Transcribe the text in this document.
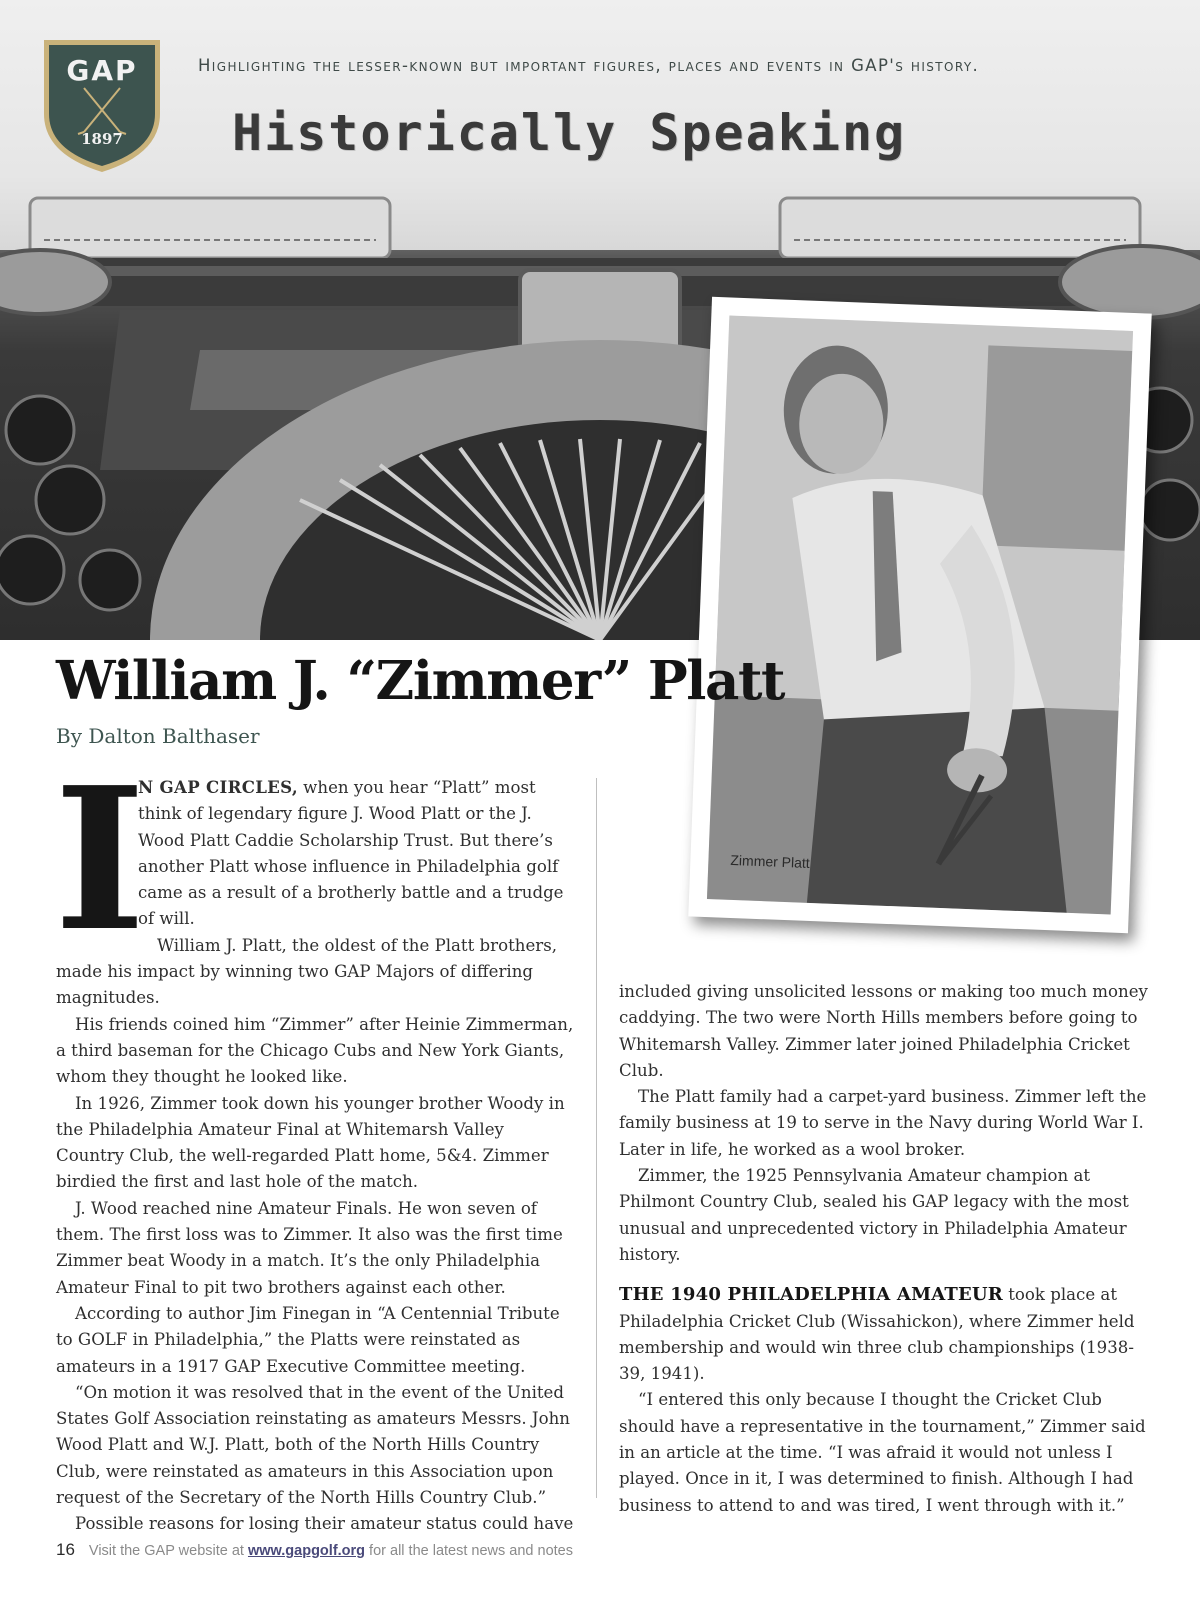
GAP
1897
Highlighting the lesser-known but important figures, places and events in GAP's history.
Historically Speaking
Zimmer Platt
William J. “Zimmer” Platt
By Dalton Balthaser

I
N GAP CIRCLES, when you hear “Platt” most think of legendary figure J. Wood Platt or the J. Wood Platt Caddie Scholarship Trust. But there’s another Platt whose influence in Philadelphia golf came as a result of a brotherly battle and a trudge of will.

William J. Platt, the oldest of the Platt brothers, made his impact by winning two GAP Majors of differing magnitudes.

His friends coined him “Zimmer” after Heinie Zimmerman, a third baseman for the Chicago Cubs and New York Giants, whom they thought he looked like.

In 1926, Zimmer took down his younger brother Woody in the Philadelphia Amateur Final at Whitemarsh Valley Country Club, the well-regarded Platt home, 5&4. Zimmer birdied the first and last hole of the match.

J. Wood reached nine Amateur Finals. He won seven of them. The first loss was to Zimmer. It also was the first time Zimmer beat Woody in a match. It’s the only Philadelphia Amateur Final to pit two brothers against each other.

According to author Jim Finegan in “A Centennial Tribute to GOLF in Philadelphia,” the Platts were reinstated as amateurs in a 1917 GAP Executive Committee meeting.

“On motion it was resolved that in the event of the United States Golf Association reinstating as amateurs Messrs. John Wood Platt and W.J. Platt, both of the North Hills Country Club, were reinstated as amateurs in this Association upon request of the Secretary of the North Hills Country Club.”

Possible reasons for losing their amateur status could have

included giving unsolicited lessons or making too much money caddying. The two were North Hills members before going to Whitemarsh Valley. Zimmer later joined Philadelphia Cricket Club.

The Platt family had a carpet-yard business. Zimmer left the family business at 19 to serve in the Navy during World War I. Later in life, he worked as a wool broker.

Zimmer, the 1925 Pennsylvania Amateur champion at Philmont Country Club, sealed his GAP legacy with the most unusual and unprecedented victory in Philadelphia Amateur history.

THE 1940 PHILADELPHIA AMATEUR took place at Philadelphia Cricket Club (Wissahickon), where Zimmer held membership and would win three club championships (1938-39, 1941).

“I entered this only because I thought the Cricket Club should have a representative in the tournament,” Zimmer said in an article at the time. “I was afraid it would not unless I played. Once in it, I was determined to finish. Although I had business to attend to and was tired, I went through with it.”

16 Visit the GAP website at www.gapgolf.org for all the latest news and notes
